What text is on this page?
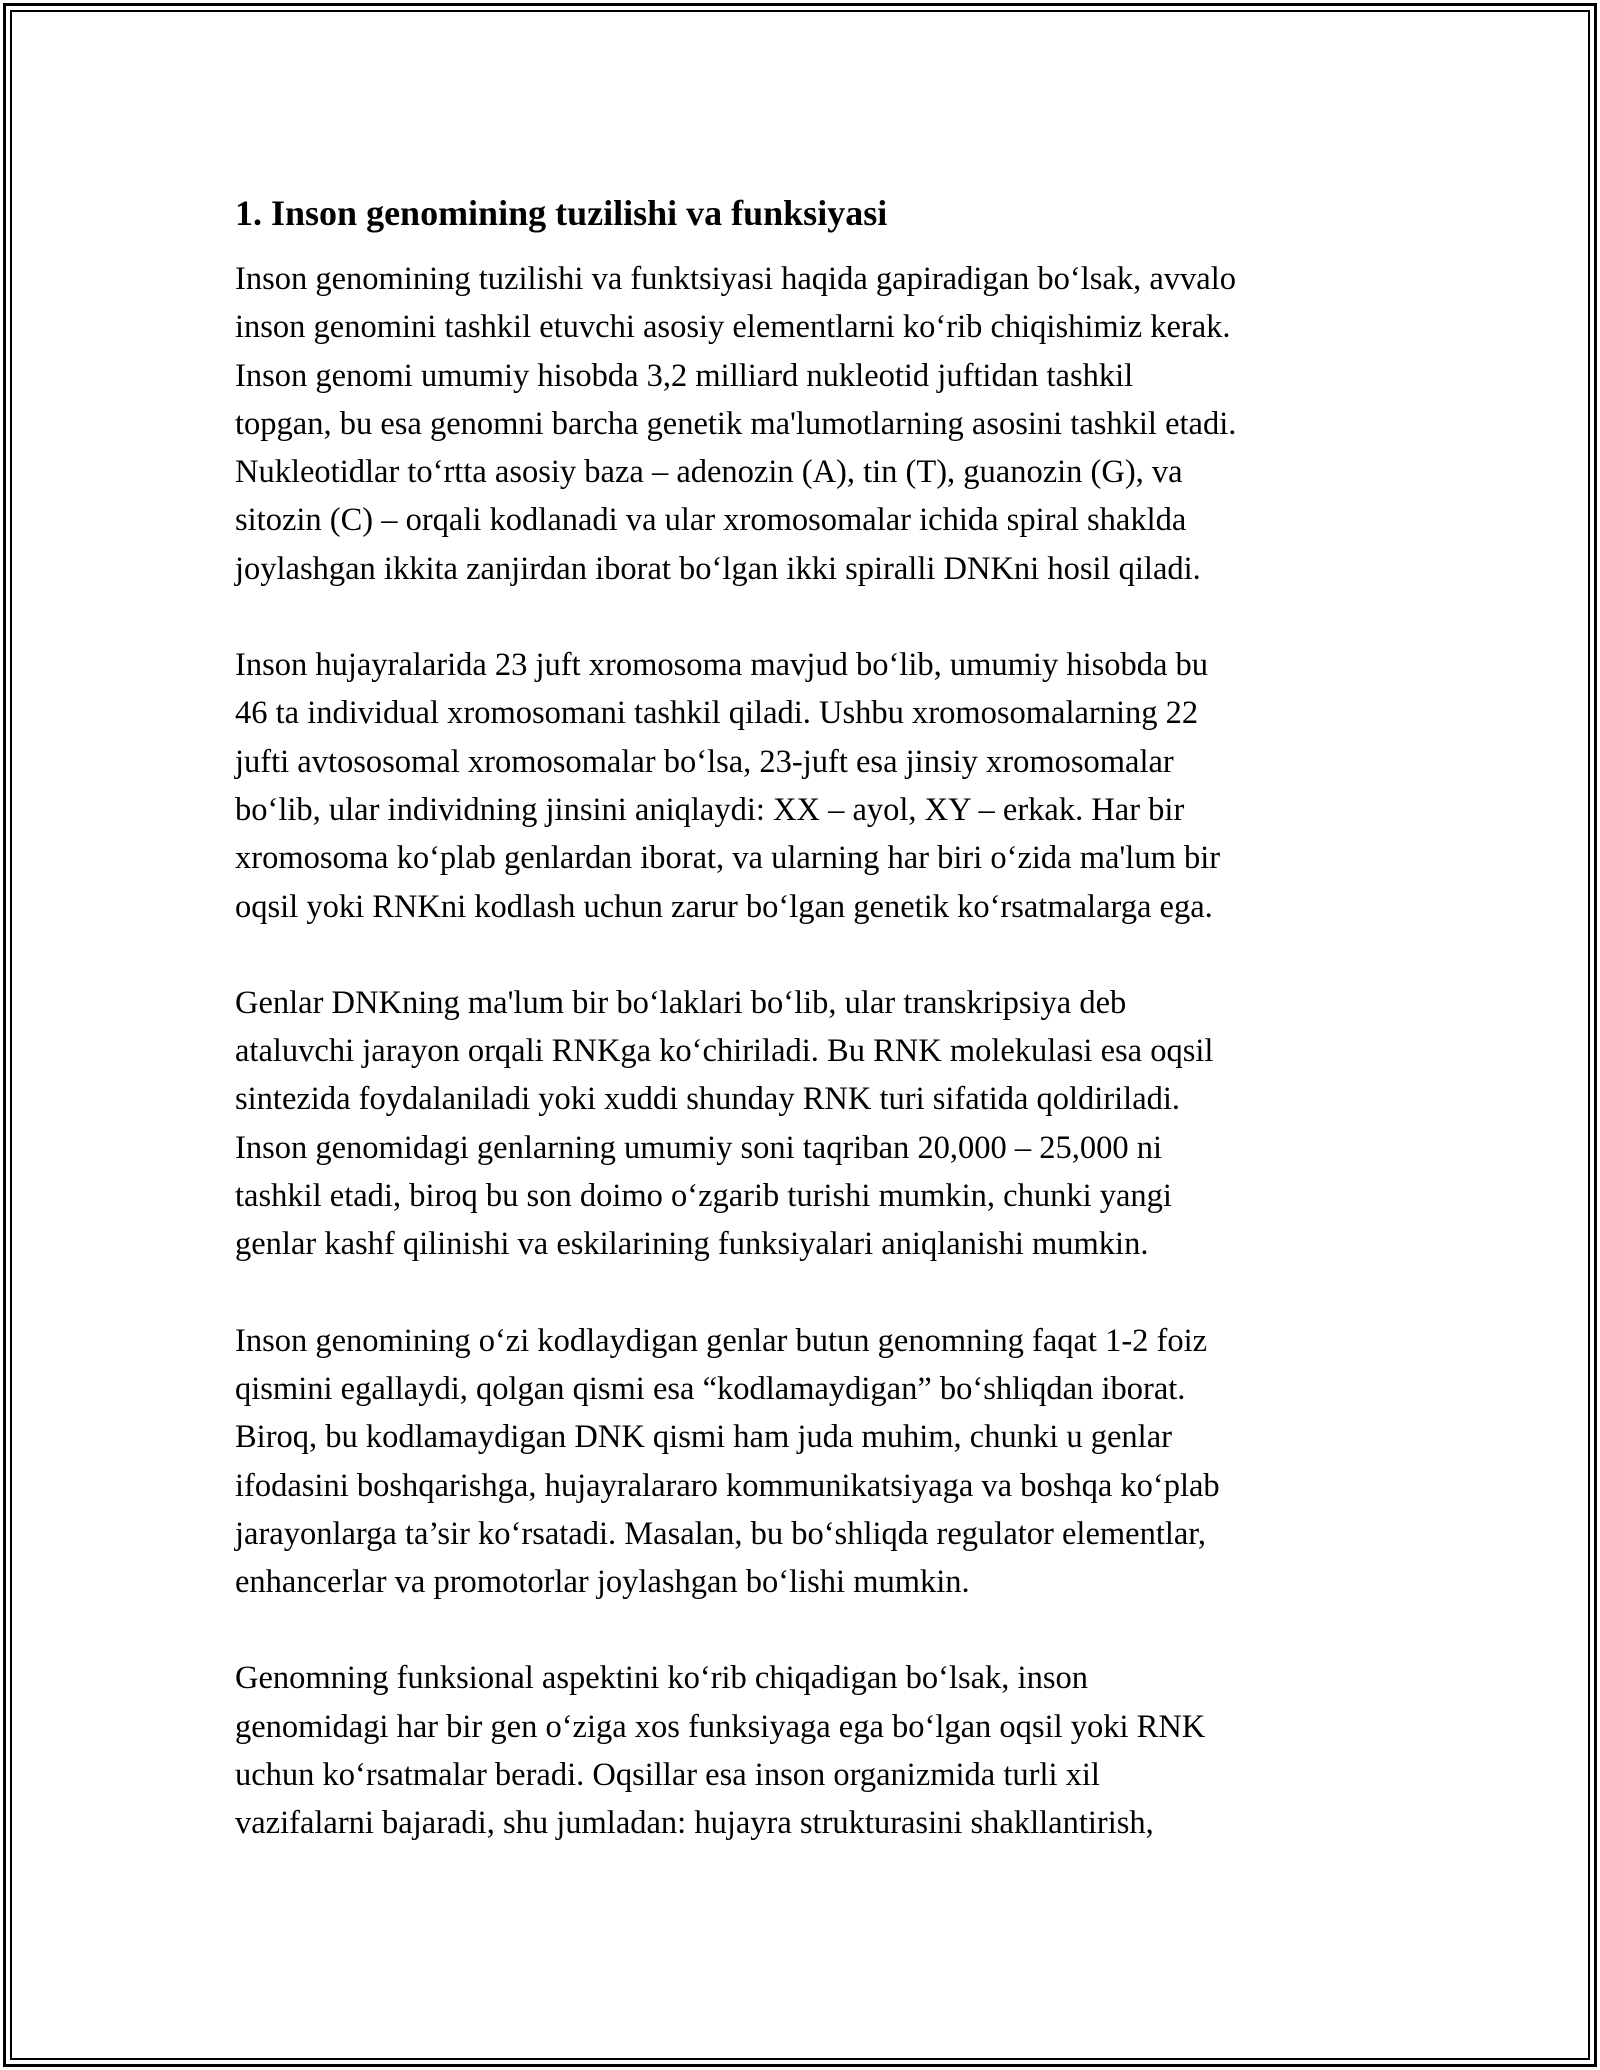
1. Inson genomining tuzilishi va funksiyasi

Inson genomining tuzilishi va funktsiyasi haqida gapiradigan bo‘lsak, avvalo
inson genomini tashkil etuvchi asosiy elementlarni ko‘rib chiqishimiz kerak.
Inson genomi umumiy hisobda 3,2 milliard nukleotid juftidan tashkil
topgan, bu esa genomni barcha genetik ma'lumotlarning asosini tashkil etadi.
Nukleotidlar to‘rtta asosiy baza – adenozin (A), tin (T), guanozin (G), va
sitozin (C) – orqali kodlanadi va ular xromosomalar ichida spiral shaklda
joylashgan ikkita zanjirdan iborat bo‘lgan ikki spiralli DNKni hosil qiladi.

Inson hujayralarida 23 juft xromosoma mavjud bo‘lib, umumiy hisobda bu
46 ta individual xromosomani tashkil qiladi. Ushbu xromosomalarning 22
jufti avtososomal xromosomalar bo‘lsa, 23-juft esa jinsiy xromosomalar
bo‘lib, ular individning jinsini aniqlaydi: XX – ayol, XY – erkak. Har bir
xromosoma ko‘plab genlardan iborat, va ularning har biri o‘zida ma'lum bir
oqsil yoki RNKni kodlash uchun zarur bo‘lgan genetik ko‘rsatmalarga ega.

Genlar DNKning ma'lum bir bo‘laklari bo‘lib, ular transkripsiya deb
ataluvchi jarayon orqali RNKga ko‘chiriladi. Bu RNK molekulasi esa oqsil
sintezida foydalaniladi yoki xuddi shunday RNK turi sifatida qoldiriladi.
Inson genomidagi genlarning umumiy soni taqriban 20,000 – 25,000 ni
tashkil etadi, biroq bu son doimo o‘zgarib turishi mumkin, chunki yangi
genlar kashf qilinishi va eskilarining funksiyalari aniqlanishi mumkin.

Inson genomining o‘zi kodlaydigan genlar butun genomning faqat 1-2 foiz
qismini egallaydi, qolgan qismi esa “kodlamaydigan” bo‘shliqdan iborat.
Biroq, bu kodlamaydigan DNK qismi ham juda muhim, chunki u genlar
ifodasini boshqarishga, hujayralararo kommunikatsiyaga va boshqa ko‘plab
jarayonlarga ta’sir ko‘rsatadi. Masalan, bu bo‘shliqda regulator elementlar,
enhancerlar va promotorlar joylashgan bo‘lishi mumkin.

Genomning funksional aspektini ko‘rib chiqadigan bo‘lsak, inson
genomidagi har bir gen o‘ziga xos funksiyaga ega bo‘lgan oqsil yoki RNK
uchun ko‘rsatmalar beradi. Oqsillar esa inson organizmida turli xil
vazifalarni bajaradi, shu jumladan: hujayra strukturasini shakllantirish,
